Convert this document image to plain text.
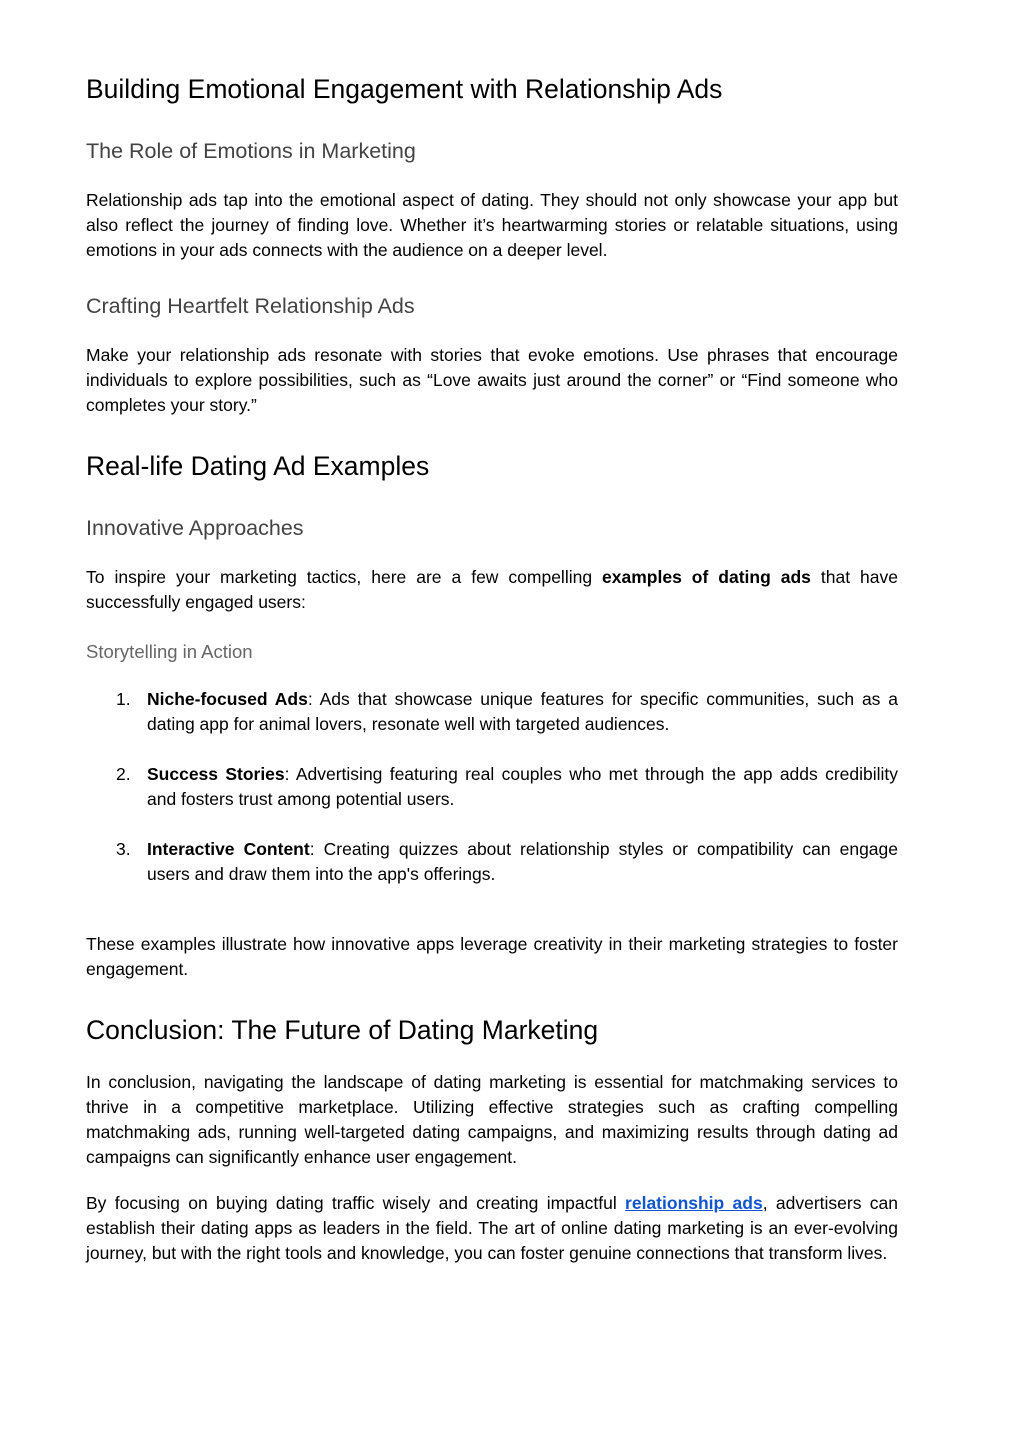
Building Emotional Engagement with Relationship Ads
The Role of Emotions in Marketing

Relationship ads tap into the emotional aspect of dating. They should not only showcase your app but also reflect the journey of finding love. Whether it’s heartwarming stories or relatable situations, using emotions in your ads connects with the audience on a deeper level.

Crafting Heartfelt Relationship Ads

Make your relationship ads resonate with stories that evoke emotions. Use phrases that encourage individuals to explore possibilities, such as “Love awaits just around the corner” or “Find someone who completes your story.”

Real-life Dating Ad Examples
Innovative Approaches

To inspire your marketing tactics, here are a few compelling examples of dating ads that have successfully engaged users:

Storytelling in Action
1. Niche-focused Ads: Ads that showcase unique features for specific communities, such as a dating app for animal lovers, resonate well with targeted audiences.
2. Success Stories: Advertising featuring real couples who met through the app adds credibility and fosters trust among potential users.
3. Interactive Content: Creating quizzes about relationship styles or compatibility can engage users and draw them into the app's offerings.

These examples illustrate how innovative apps leverage creativity in their marketing strategies to foster engagement.

Conclusion: The Future of Dating Marketing

In conclusion, navigating the landscape of dating marketing is essential for matchmaking services to thrive in a competitive marketplace. Utilizing effective strategies such as crafting compelling matchmaking ads, running well-targeted dating campaigns, and maximizing results through dating ad campaigns can significantly enhance user engagement.

By focusing on buying dating traffic wisely and creating impactful relationship ads, advertisers can establish their dating apps as leaders in the field. The art of online dating marketing is an ever-evolving journey, but with the right tools and knowledge, you can foster genuine connections that transform lives.
